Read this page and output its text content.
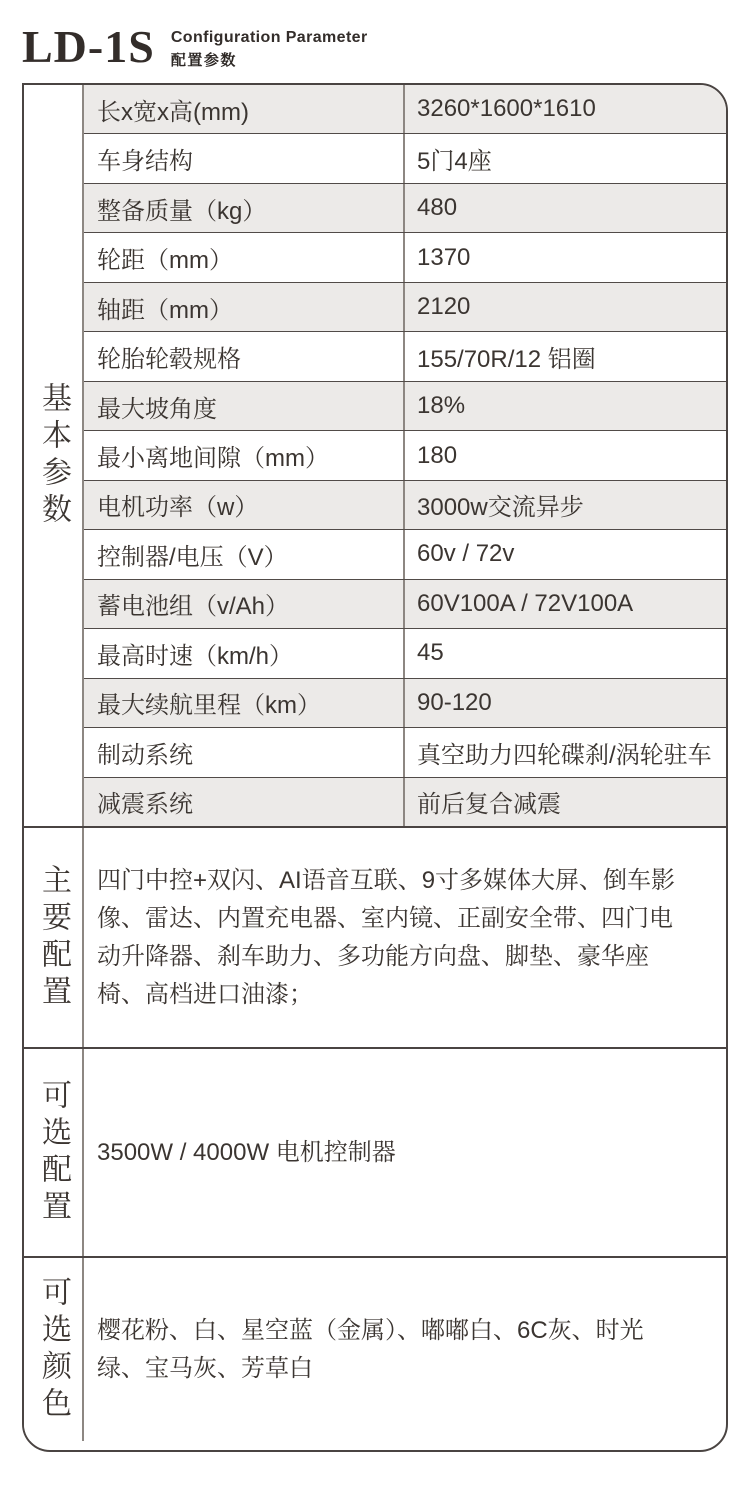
LD-1S Configuration Parameter
配置参数
基本参数
长x宽x高(mm)	3260*1600*1610
车身结构	5门4座
整备质量（kg）	480
轮距（mm）	1370
轴距（mm）	2120
轮胎轮毂规格	155/70R/12 铝圈
最大坡角度	18%
最小离地间隙（mm）	180
电机功率（w）	3000w交流异步
控制器/电压（V）	60v / 72v
蓄电池组（v/Ah）	60V100A / 72V100A
最高时速（km/h）	45
最大续航里程（km）	90-120
制动系统	真空助力四轮碟刹/涡轮驻车
减震系统	前后复合减震
主要配置	四门中控+双闪、AI语音互联、9寸多媒体大屏、倒车影像、雷达、内置充电器、室内镜、正副安全带、四门电动升降器、刹车助力、多功能方向盘、脚垫、豪华座椅、高档进口油漆；
可选配置	3500W / 4000W 电机控制器
可选颜色	樱花粉、白、星空蓝（金属）、嘟嘟白、6C灰、时光绿、宝马灰、芳草白
